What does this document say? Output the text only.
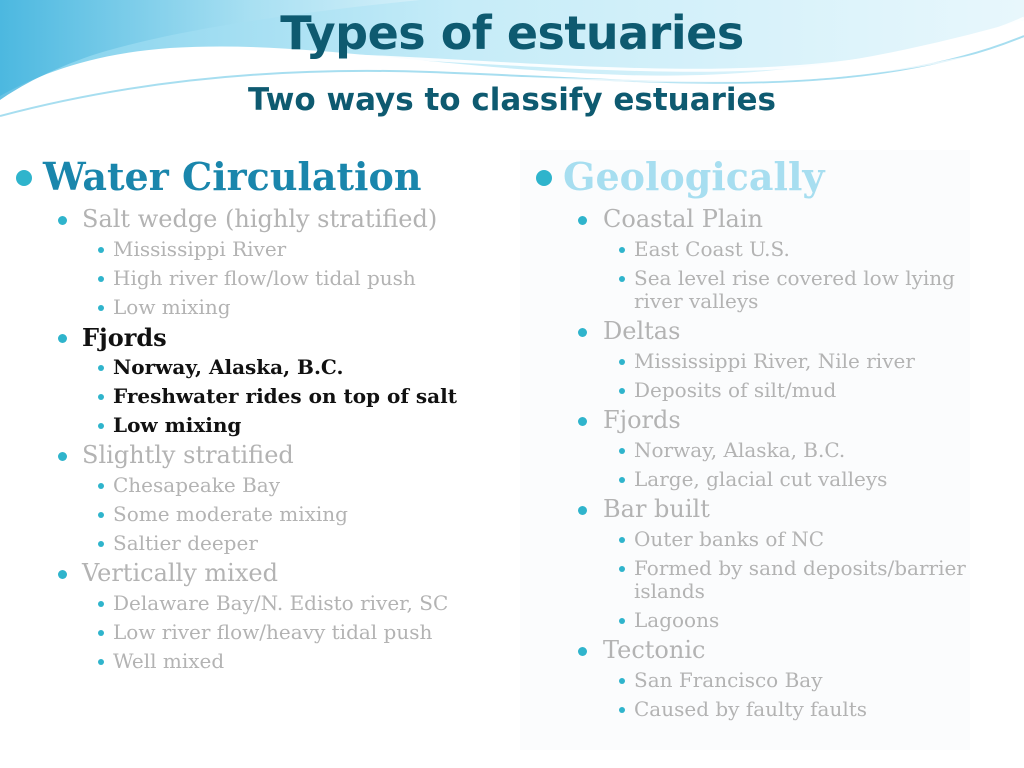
Types of estuaries
Two ways to classify estuaries
Water Circulation
Salt wedge (highly stratified)
Mississippi River
High river flow/low tidal push
Low mixing
Fjords
Norway, Alaska, B.C.
Freshwater rides on top of salt
Low mixing
Slightly stratified
Chesapeake Bay
Some moderate mixing
Saltier deeper
Vertically mixed
Delaware Bay/N. Edisto river, SC
Low river flow/heavy tidal push
Well mixed
Geologically
Coastal Plain
East Coast U.S.
Sea level rise covered low lying river valleys
Deltas
Mississippi River, Nile river
Deposits of silt/mud
Fjords
Norway, Alaska, B.C.
Large, glacial cut valleys
Bar built
Outer banks of NC
Formed by sand deposits/barrier islands
Lagoons
Tectonic
San Francisco Bay
Caused by faulty faults
